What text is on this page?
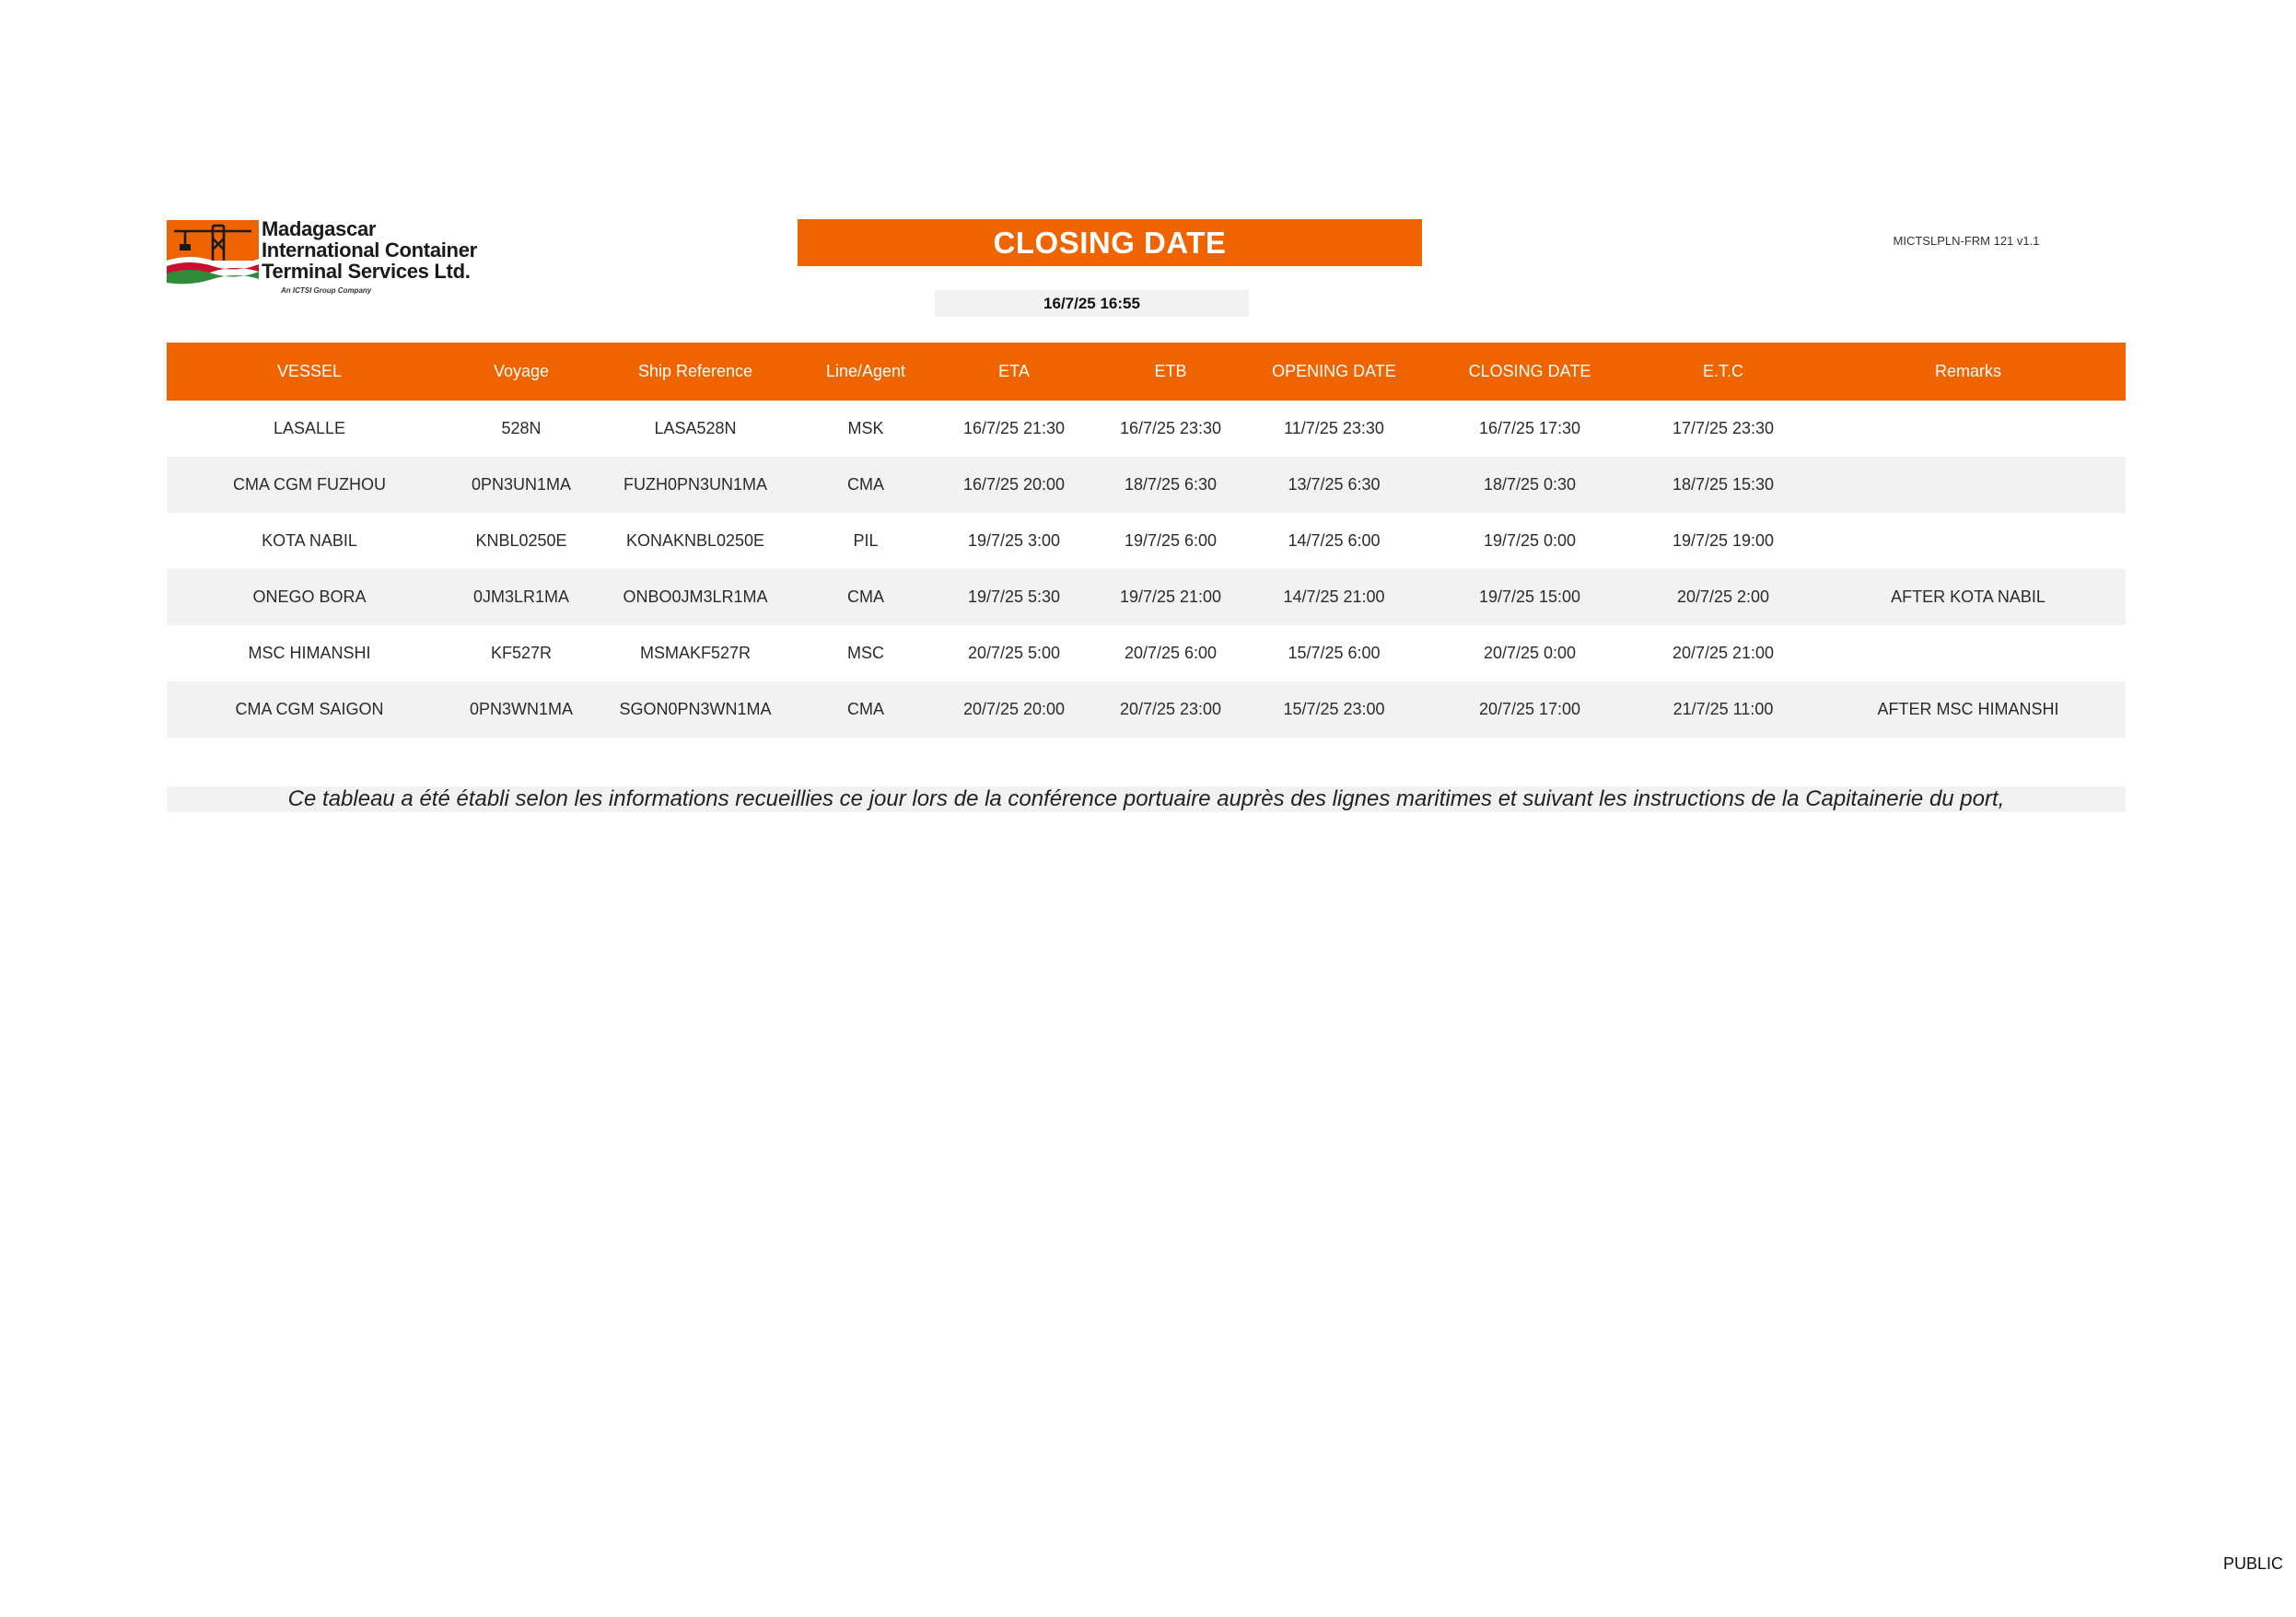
Madagascar
International Container
Terminal Services Ltd.
An ICTSI Group Company
CLOSING DATE	MICTSLPLN-FRM 121 v1.1
16/7/25 16:55
VESSEL	Voyage	Ship Reference	Line/Agent	ETA	ETB	OPENING DATE	CLOSING DATE	E.T.C	Remarks
LASALLE	528N	LASA528N	MSK	16/7/25 21:30	16/7/25 23:30	11/7/25 23:30	16/7/25 17:30	17/7/25 23:30	
CMA CGM FUZHOU	0PN3UN1MA	FUZH0PN3UN1MA	CMA	16/7/25 20:00	18/7/25 6:30	13/7/25 6:30	18/7/25 0:30	18/7/25 15:30	
KOTA NABIL	KNBL0250E	KONAKNBL0250E	PIL	19/7/25 3:00	19/7/25 6:00	14/7/25 6:00	19/7/25 0:00	19/7/25 19:00	
ONEGO BORA	0JM3LR1MA	ONBO0JM3LR1MA	CMA	19/7/25 5:30	19/7/25 21:00	14/7/25 21:00	19/7/25 15:00	20/7/25 2:00	AFTER KOTA NABIL
MSC HIMANSHI	KF527R	MSMAKF527R	MSC	20/7/25 5:00	20/7/25 6:00	15/7/25 6:00	20/7/25 0:00	20/7/25 21:00	
CMA CGM SAIGON	0PN3WN1MA	SGON0PN3WN1MA	CMA	20/7/25 20:00	20/7/25 23:00	15/7/25 23:00	20/7/25 17:00	21/7/25 11:00	AFTER MSC HIMANSHI
Ce tableau a été établi selon les informations recueillies ce jour lors de la conférence portuaire auprès des lignes maritimes et suivant les instructions de la Capitainerie du port,
PUBLIC
